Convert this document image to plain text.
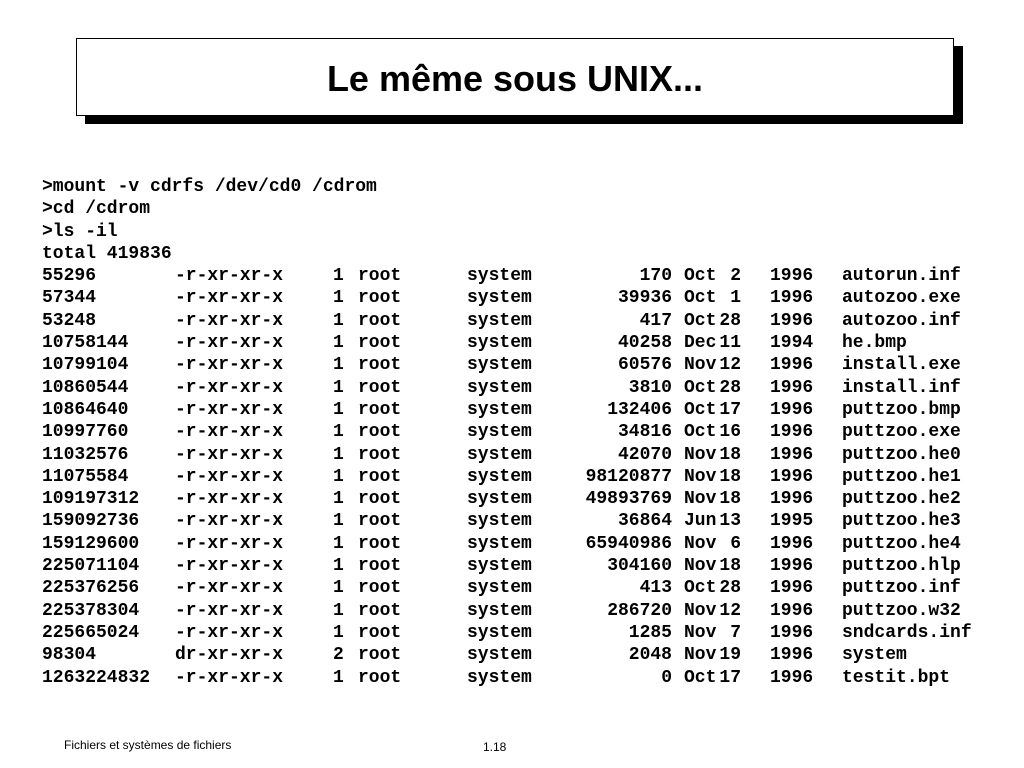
Le même sous UNIX...
>mount -v cdrfs /dev/cd0 /cdrom
>cd /cdrom
>ls -il
total 419836
55296	-r-xr-xr-x	1 root	system	170 Oct 2 1996 autorun.inf
57344	-r-xr-xr-x	1 root	system	39936 Oct 1 1996 autozoo.exe
53248	-r-xr-xr-x	1 root	system	417 Oct 28 1996 autozoo.inf
10758144	-r-xr-xr-x	1 root	system	40258 Dec 11 1994 he.bmp
10799104	-r-xr-xr-x	1 root	system	60576 Nov 12 1996 install.exe
10860544	-r-xr-xr-x	1 root	system	3810 Oct 28 1996 install.inf
10864640	-r-xr-xr-x	1 root	system	132406 Oct 17 1996 puttzoo.bmp
10997760	-r-xr-xr-x	1 root	system	34816 Oct 16 1996 puttzoo.exe
11032576	-r-xr-xr-x	1 root	system	42070 Nov 18 1996 puttzoo.he0
11075584	-r-xr-xr-x	1 root	system	98120877 Nov 18 1996 puttzoo.he1
109197312 -r-xr-xr-x	1 root	system	49893769 Nov 18 1996 puttzoo.he2
159092736 -r-xr-xr-x	1 root	system	36864 Jun 13 1995 puttzoo.he3
159129600 -r-xr-xr-x	1 root	system	65940986 Nov 6 1996 puttzoo.he4
225071104 -r-xr-xr-x	1 root	system	304160 Nov 18 1996 puttzoo.hlp
225376256 -r-xr-xr-x	1 root	system	413 Oct 28 1996 puttzoo.inf
225378304 -r-xr-xr-x	1 root	system	286720 Nov 12 1996 puttzoo.w32
225665024 -r-xr-xr-x	1 root	system	1285 Nov 7 1996 sndcards.inf
98304	dr-xr-xr-x	2 root	system	2048 Nov 19 1996 system
1263224832 -r-xr-xr-x	1 root	system	0 Oct 17 1996 testit.bpt
Fichiers et systèmes de fichiers	1.18
